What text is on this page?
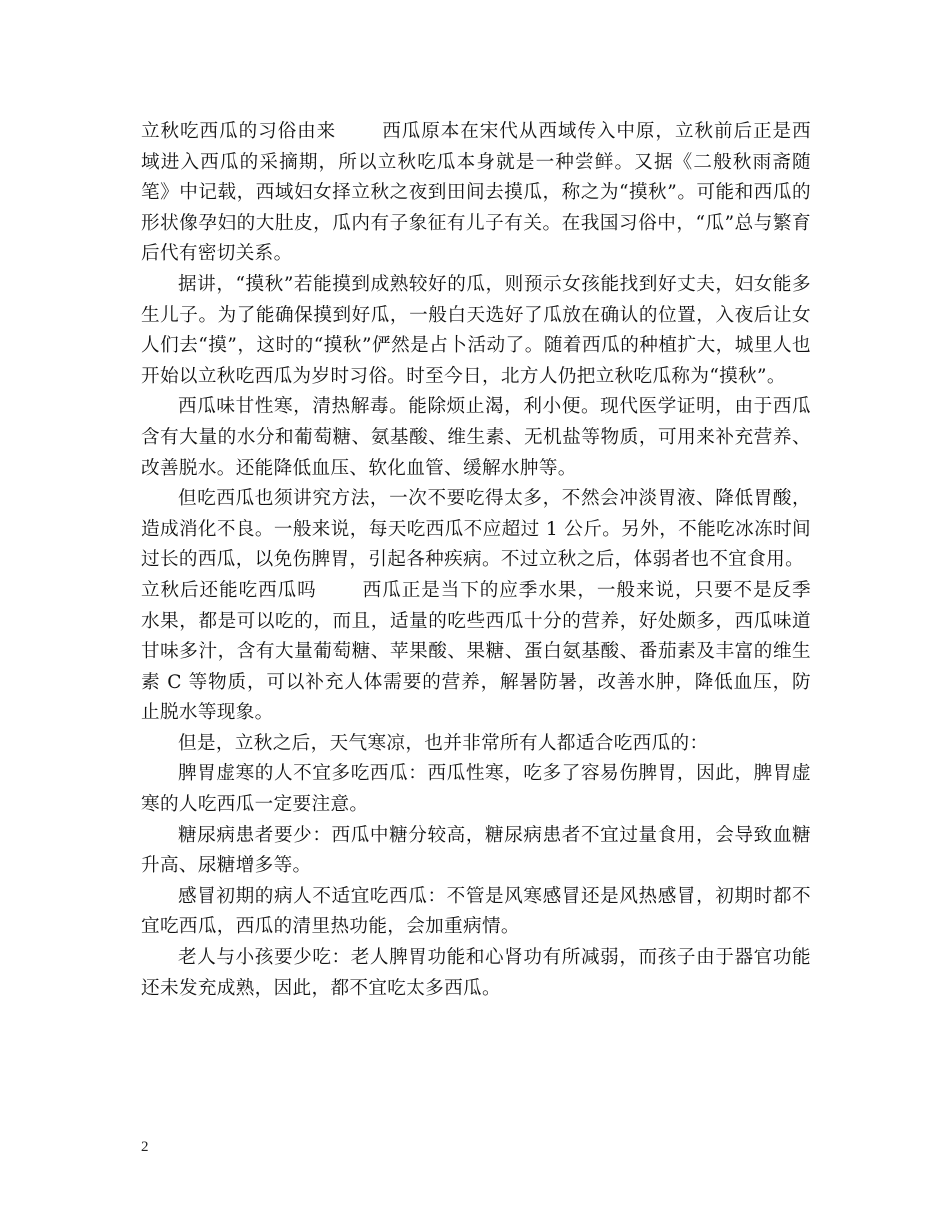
立秋吃西瓜的习俗由来 西瓜原本在宋代从西域传入中原，立秋前后正是西域进入西瓜的采摘期，所以立秋吃瓜本身就是一种尝鲜。又据《二般秋雨斋随笔》中记载，西域妇女择立秋之夜到田间去摸瓜，称之为“摸秋”。可能和西瓜的形状像孕妇的大肚皮，瓜内有子象征有儿子有关。在我国习俗中，“瓜”总与繁育后代有密切关系。

据讲，“摸秋”若能摸到成熟较好的瓜，则预示女孩能找到好丈夫，妇女能多生儿子。为了能确保摸到好瓜，一般白天选好了瓜放在确认的位置，入夜后让女人们去“摸”，这时的“摸秋”俨然是占卜活动了。随着西瓜的种植扩大，城里人也开始以立秋吃西瓜为岁时习俗。时至今日，北方人仍把立秋吃瓜称为“摸秋”。

西瓜味甘性寒，清热解毒。能除烦止渴，利小便。现代医学证明，由于西瓜含有大量的水分和葡萄糖、氨基酸、维生素、无机盐等物质，可用来补充营养、改善脱水。还能降低血压、软化血管、缓解水肿等。

但吃西瓜也须讲究方法，一次不要吃得太多，不然会冲淡胃液、降低胃酸，造成消化不良。一般来说，每天吃西瓜不应超过 1 公斤。另外，不能吃冰冻时间过长的西瓜，以免伤脾胃，引起各种疾病。不过立秋之后，体弱者也不宜食用。

立秋后还能吃西瓜吗 西瓜正是当下的应季水果，一般来说，只要不是反季水果，都是可以吃的，而且，适量的吃些西瓜十分的营养，好处颇多，西瓜味道甘味多汁，含有大量葡萄糖、苹果酸、果糖、蛋白氨基酸、番茄素及丰富的维生素 C 等物质，可以补充人体需要的营养，解暑防暑，改善水肿，降低血压，防止脱水等现象。

但是，立秋之后，天气寒凉，也并非常所有人都适合吃西瓜的：

脾胃虚寒的人不宜多吃西瓜：西瓜性寒，吃多了容易伤脾胃，因此，脾胃虚寒的人吃西瓜一定要注意。

糖尿病患者要少：西瓜中糖分较高，糖尿病患者不宜过量食用，会导致血糖升高、尿糖增多等。

感冒初期的病人不适宜吃西瓜：不管是风寒感冒还是风热感冒，初期时都不宜吃西瓜，西瓜的清里热功能，会加重病情。

老人与小孩要少吃：老人脾胃功能和心肾功有所减弱，而孩子由于器官功能还未发充成熟，因此，都不宜吃太多西瓜。

2
